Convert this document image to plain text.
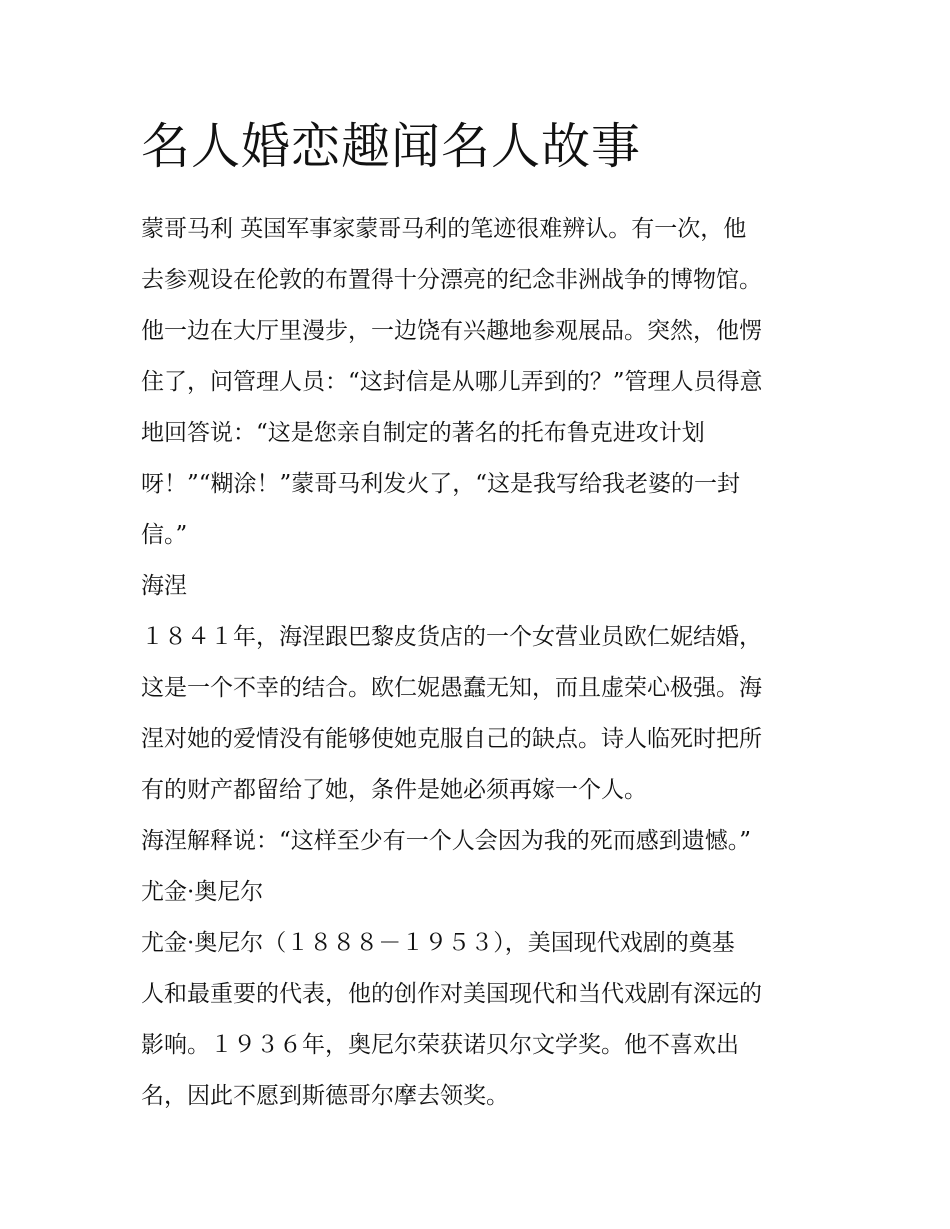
名人婚恋趣闻名人故事
蒙哥马利 英国军事家蒙哥马利的笔迹很难辨认。有一次，他
去参观设在伦敦的布置得十分漂亮的纪念非洲战争的博物馆。
他一边在大厅里漫步，一边饶有兴趣地参观展品。突然，他愣
住了，问管理人员：“这封信是从哪儿弄到的？”管理人员得意
地回答说：“这是您亲自制定的著名的托布鲁克进攻计划
呀！”“糊涂！”蒙哥马利发火了，“这是我写给我老婆的一封
信。”
海涅
１８４１年，海涅跟巴黎皮货店的一个女营业员欧仁妮结婚，
这是一个不幸的结合。欧仁妮愚蠢无知，而且虚荣心极强。海
涅对她的爱情没有能够使她克服自己的缺点。诗人临死时把所
有的财产都留给了她，条件是她必须再嫁一个人。
海涅解释说：“这样至少有一个人会因为我的死而感到遗憾。”
尤金·奥尼尔
尤金·奥尼尔（１８８８－１９５３），美国现代戏剧的奠基
人和最重要的代表，他的创作对美国现代和当代戏剧有深远的
影响。１９３６年，奥尼尔荣获诺贝尔文学奖。他不喜欢出
名，因此不愿到斯德哥尔摩去领奖。
